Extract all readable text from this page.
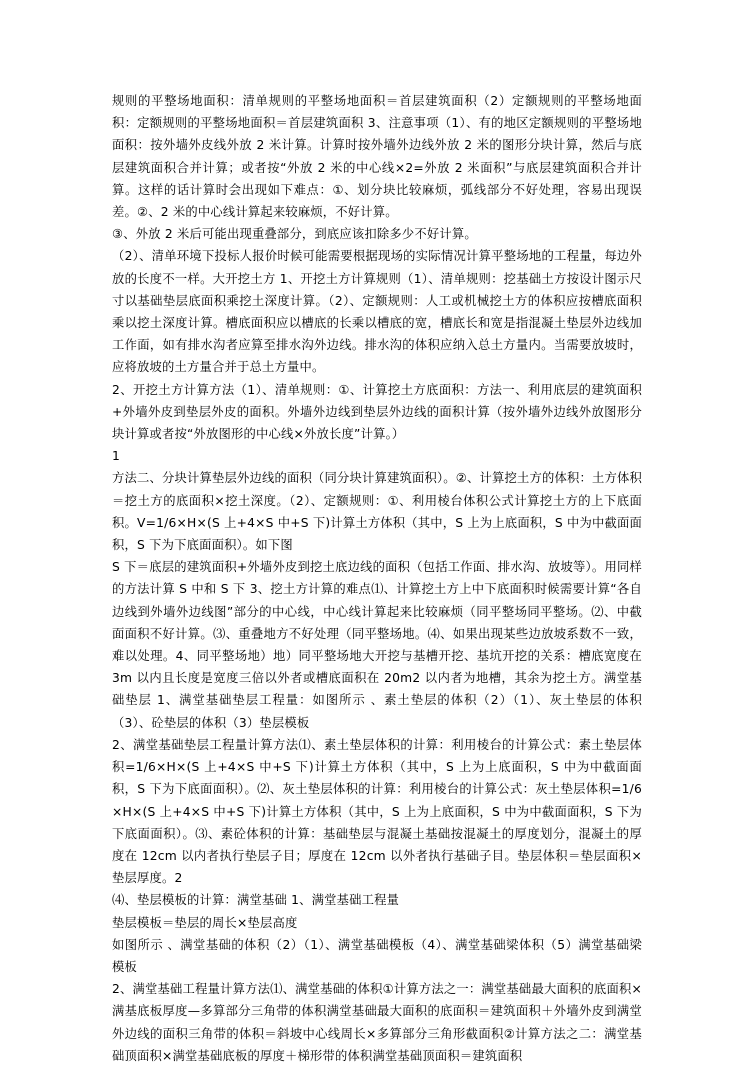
规则的平整场地面积：清单规则的平整场地面积＝首层建筑面积（2）定额规则的平整场地面积：定额规则的平整场地面积＝首层建筑面积 3、注意事项（1）、有的地区定额规则的平整场地面积：按外墙外皮线外放 2 米计算。计算时按外墙外边线外放 2 米的图形分块计算，然后与底层建筑面积合并计算；或者按“外放 2 米的中心线×2=外放 2 米面积”与底层建筑面积合并计算。这样的话计算时会出现如下难点：①、划分块比较麻烦，弧线部分不好处理，容易出现误差。②、2 米的中心线计算起来较麻烦，不好计算。

③、外放 2 米后可能出现重叠部分，到底应该扣除多少不好计算。

（2）、清单环境下投标人报价时候可能需要根据现场的实际情况计算平整场地的工程量，每边外放的长度不一样。大开挖土方 1、开挖土方计算规则（1）、清单规则：挖基础土方按设计图示尺寸以基础垫层底面积乘挖土深度计算。（2）、定额规则：人工或机械挖土方的体积应按槽底面积乘以挖土深度计算。槽底面积应以槽底的长乘以槽底的宽，槽底长和宽是指混凝土垫层外边线加工作面，如有排水沟者应算至排水沟外边线。排水沟的体积应纳入总土方量内。当需要放坡时，应将放坡的土方量合并于总土方量中。

2、开挖土方计算方法（1）、清单规则：①、计算挖土方底面积：方法一、利用底层的建筑面积+外墙外皮到垫层外皮的面积。外墙外边线到垫层外边线的面积计算（按外墙外边线外放图形分块计算或者按“外放图形的中心线×外放长度”计算。）

1

方法二、分块计算垫层外边线的面积（同分块计算建筑面积）。②、计算挖土方的体积：土方体积＝挖土方的底面积×挖土深度。（2）、定额规则：①、利用棱台体积公式计算挖土方的上下底面积。V=1/6×H×(S 上+4×S 中+S 下)计算土方体积（其中，S 上为上底面积，S 中为中截面面积，S 下为下底面面积）。如下图

S 下＝底层的建筑面积+外墙外皮到挖土底边线的面积（包括工作面、排水沟、放坡等）。用同样的方法计算 S 中和 S 下 3、挖土方计算的难点⑴、计算挖土方上中下底面积时候需要计算“各自边线到外墙外边线图”部分的中心线，中心线计算起来比较麻烦（同平整场同平整场。⑵、中截面面积不好计算。⑶、重叠地方不好处理（同平整场地。⑷、如果出现某些边放坡系数不一致，难以处理。4、同平整场地）地）同平整场地大开挖与基槽开挖、基坑开挖的关系：槽底宽度在 3m 以内且长度是宽度三倍以外者或槽底面积在 20m2 以内者为地槽，其余为挖土方。满堂基础垫层 1、满堂基础垫层工程量：如图所示 、素土垫层的体积（2）（1）、灰土垫层的体积（3）、砼垫层的体积（3）垫层模板

2、满堂基础垫层工程量计算方法⑴、素土垫层体积的计算：利用棱台的计算公式：素土垫层体积=1/6×H×(S 上+4×S 中+S 下)计算土方体积（其中，S 上为上底面积，S 中为中截面面积，S 下为下底面面积）。⑵、灰土垫层体积的计算：利用棱台的计算公式：灰土垫层体积=1/6×H×(S 上+4×S 中+S 下)计算土方体积（其中，S 上为上底面积，S 中为中截面面积，S 下为下底面面积）。⑶、素砼体积的计算：基础垫层与混凝土基础按混凝土的厚度划分，混凝土的厚度在 12cm 以内者执行垫层子目；厚度在 12cm 以外者执行基础子目。垫层体积＝垫层面积×垫层厚度。2

⑷、垫层模板的计算：满堂基础 1、满堂基础工程量

垫层模板＝垫层的周长×垫层高度

如图所示 、满堂基础的体积（2）（1）、满堂基础模板（4）、满堂基础梁体积（5）满堂基础梁模板

2、满堂基础工程量计算方法⑴、满堂基础的体积①计算方法之一：满堂基础最大面积的底面积×满基底板厚度—多算部分三角带的体积满堂基础最大面积的底面积＝建筑面积＋外墙外皮到满堂外边线的面积三角带的体积＝斜坡中心线周长×多算部分三角形截面积②计算方法之二：满堂基础顶面积×满堂基础底板的厚度＋梯形带的体积满堂基础顶面积＝建筑面积
